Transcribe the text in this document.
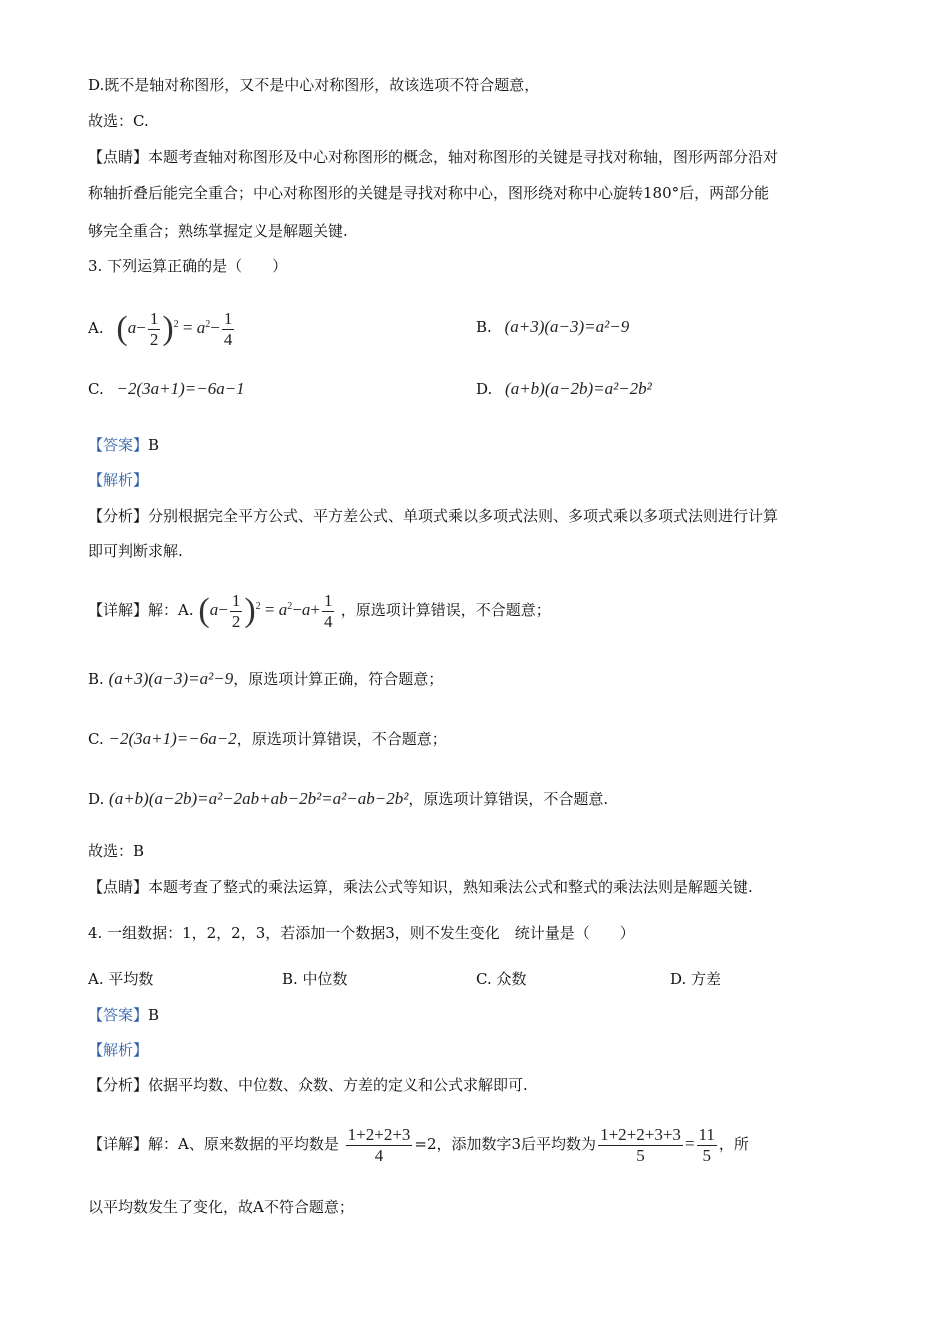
D.既不是轴对称图形，又不是中心对称图形，故该选项不符合题意，
故选：C.
【点睛】本题考查轴对称图形及中心对称图形的概念，轴对称图形的关键是寻找对称轴，图形两部分沿对
称轴折叠后能完全重合；中心对称图形的关键是寻找对称中心，图形绕对称中心旋转180°后，两部分能
够完全重合；熟练掌握定义是解题关键.
3. 下列运算正确的是（　　）
A. $(a- \frac{1}{2} )^2 = a^2- \frac{1}{4}$	B. (a+3)(a−3)=a²−9
C. −2(3a+1)=−6a−1	D. (a+b)(a−2b)=a²−2b²
【答案】B
【解析】
【分析】分别根据完全平方公式、平方差公式、单项式乘以多项式法则、多项式乘以多项式法则进行计算
即可判断求解.
【详解】解：A. $(a- \frac{1}{2} )^2 = a^2-a+ \frac{1}{4}$ ，原选项计算错误，不合题意；
B. (a+3)(a−3)=a²−9，原选项计算正确，符合题意；
C. −2(3a+1)=−6a−2，原选项计算错误，不合题意；
D. (a+b)(a−2b)=a²−2ab+ab−2b²=a²−ab−2b²，原选项计算错误，不合题意.
故选：B
【点睛】本题考查了整式的乘法运算，乘法公式等知识，熟知乘法公式和整式的乘法法则是解题关键.
4. 一组数据：1，2，2，3，若添加一个数据3，则不发生变化　统计量是（　　）
A. 平均数	B. 中位数	C. 众数	D. 方差
【答案】B
【解析】
【分析】依据平均数、中位数、众数、方差的定义和公式求解即可.
【详解】解：A、原来数据的平均数是 $\frac{1+2+2+3}{4} =2$，添加数字3后平均数为 $\frac{1+2+2+3+3}{5} = \frac{11}{5}$ ，所
以平均数发生了变化，故A不符合题意；
